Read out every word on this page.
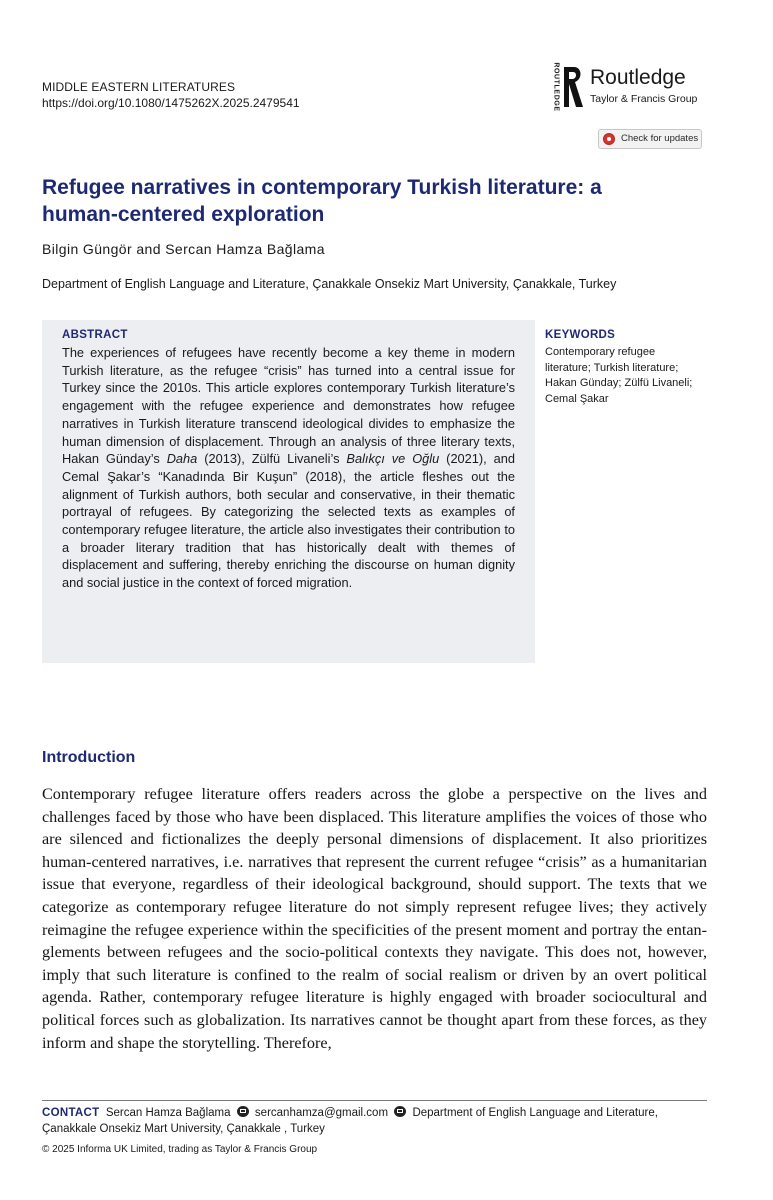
MIDDLE EASTERN LITERATURES
https://doi.org/10.1080/1475262X.2025.2479541	ROUTLEDGE Routledge
Taylor & Francis Group
Check for updates
Refugee narratives in contemporary Turkish literature: a
human-centered exploration
Bilgin Güngör and Sercan Hamza Bağlama
Department of English Language and Literature, Çanakkale Onsekiz Mart University, Çanakkale, Turkey
ABSTRACT
The experiences of refugees have recently become a key theme in modern Turkish literature, as the refugee “crisis” has turned into a central issue for Turkey since the 2010s. This article explores contemporary Turkish literature’s engagement with the refugee experience and demonstrates how refugee narratives in Turkish literature transcend ideological divides to emphasize the human dimension of displacement. Through an analysis of three literary texts, Hakan Günday’s Daha (2013), Zülfü Livaneli’s Balıkçı ve Oğlu (2021), and Cemal Şakar’s “Kanadında Bir Kuşun” (2018), the article fleshes out the alignment of Turkish authors, both secular and conservative, in their thematic portrayal of refugees. By categorizing the selected texts as examples of contemporary refugee literature, the article also investigates their contribution to a broader literary tradition that has historically dealt with themes of displacement and suffering, thereby enriching the discourse on human dignity and social justice in the context of forced migration.
KEYWORDS
Contemporary refugee literature; Turkish literature; Hakan Günday; Zülfü Livaneli; Cemal Şakar
Introduction
Contemporary refugee literature offers readers across the globe a perspective on the lives and challenges faced by those who have been displaced. This literature amplifies the voices of those who are silenced and fictionalizes the deeply personal dimensions of displacement. It also prioritizes human-centered narratives, i.e. narratives that represent the current refugee “crisis” as a humanitarian issue that everyone, regardless of their ideological background, should support. The texts that we categorize as contemporary refugee literature do not simply represent refugee lives; they actively reimagine the refugee experience within the specificities of the present moment and portray the entanglements between refugees and the socio-political contexts they navigate. This does not, however, imply that such literature is confined to the realm of social realism or driven by an overt political agenda. Rather, contemporary refugee literature is highly engaged with broader sociocultural and political forces such as globalization. Its narratives cannot be thought apart from these forces, as they inform and shape the storytelling. Therefore,
CONTACT Sercan Hamza Bağlama sercanhamza@gmail.com Department of English Language and Literature, Çanakkale Onsekiz Mart University, Çanakkale , Turkey
© 2025 Informa UK Limited, trading as Taylor & Francis Group
